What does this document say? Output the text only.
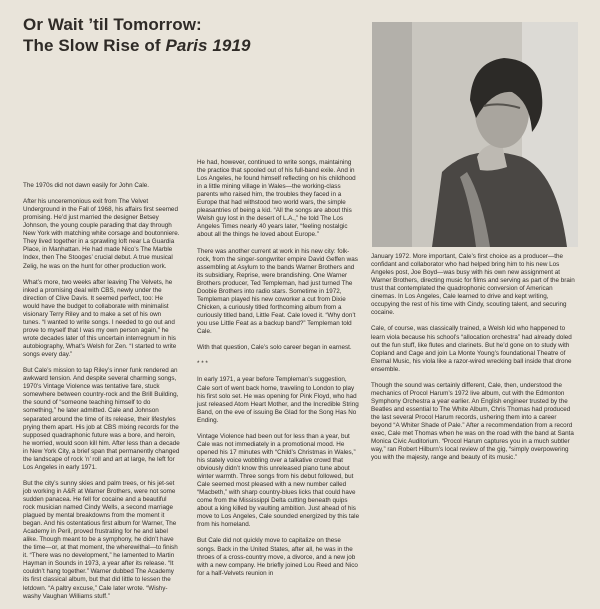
Or Wait ’til Tomorrow:
The Slow Rise of Paris 1919

The 1970s did not dawn easily for John Cale.

After his unceremonious exit from The Velvet Underground in the Fall of 1968, his affairs first seemed promising. He’d just married the designer Betsey Johnson, the young couple parading that day through New York with matching white corsage and boutonniere. They lived together in a sprawling loft near La Guardia Place, in Manhattan. He had made Nico’s The Marble Index, then The Stooges’ crucial debut. A true musical Zelig, he was on the hunt for other production work.

What’s more, two weeks after leaving The Velvets, he inked a promising deal with CBS, newly under the direction of Clive Davis. It seemed perfect, too: He would have the budget to collaborate with minimalist visionary Terry Riley and to make a set of his own tunes. “I wanted to write songs. I needed to go out and prove to myself that I was my own person again,” he wrote decades later of this uncertain interregnum in his autobiography, What’s Welsh for Zen. “I started to write songs every day.”

But Cale’s mission to tap Riley’s inner funk rendered an awkward tension. And despite several charming songs, 1970’s Vintage Violence was tentative fare, stuck somewhere between country-rock and the Brill Building, the sound of “someone teaching himself to do something,” he later admitted. Cale and Johnson separated around the time of its release, their lifestyles prying them apart. His job at CBS mixing records for the supposed quadraphonic future was a bore, and heroin, he worried, would soon kill him. After less than a decade in New York City, a brief span that permanently changed the landscape of rock ’n’ roll and art at large, he left for Los Angeles in early 1971.

But the city’s sunny skies and palm trees, or his jet-set job working in A&R at Warner Brothers, were not some sudden panacea. He fell for cocaine and a beautiful rock musician named Cindy Wells, a second marriage plagued by mental breakdowns from the moment it began. And his ostentatious first album for Warner, The Academy in Peril, proved frustrating for he and label alike. Though meant to be a symphony, he didn’t have the time—or, at that moment, the wherewithal—to finish it. “There was no development,” he lamented to Martin Hayman in Sounds in 1973, a year after its release. “It couldn’t hang together.” Warner dubbed The Academy its first classical album, but that did little to lessen the letdown. “A paltry excuse,” Cale later wrote. “Wishy-washy Vaughan Williams stuff.”

He had, however, continued to write songs, maintaining the practice that spooled out of his full-band exile. And in Los Angeles, he found himself reflecting on his childhood in a little mining village in Wales—the working-class parents who raised him, the troubles they faced in a Europe that had withstood two world wars, the simple pleasantries of being a kid. “All the songs are about this Welsh guy lost in the desert of L.A.,” he told The Los Angeles Times nearly 40 years later, “feeling nostalgic about all the things he loved about Europe.”

There was another current at work in his new city: folk-rock, from the singer-songwriter empire David Geffen was assembling at Asylum to the bands Warner Brothers and its subsidiary, Reprise, were brandishing. One Warner Brothers producer, Ted Templeman, had just turned The Doobie Brothers into radio stars. Sometime in 1972, Templeman played his new coworker a cut from Dixie Chicken, a curiously titled forthcoming album from a curiously titled band, Little Feat. Cale loved it. “Why don’t you use Little Feat as a backup band?” Templeman told Cale.

With that question, Cale’s solo career began in earnest.

* * *

In early 1971, a year before Templeman’s suggestion, Cale sort of went back home, traveling to London to play his first solo set. He was opening for Pink Floyd, who had just released Atom Heart Mother, and the Incredible String Band, on the eve of issuing Be Glad for the Song Has No Ending.

Vintage Violence had been out for less than a year, but Cale was not immediately in a promotional mood. He opened his 17 minutes with “Child’s Christmas in Wales,” his stately voice wobbling over a talkative crowd that obviously didn’t know this unreleased piano tune about winter warmth. Three songs from his debut followed, but Cale seemed most pleased with a new number called “Macbeth,” with sharp country-blues licks that could have come from the Mississippi Delta cutting beneath quips about a king killed by vaulting ambition. Just ahead of his move to Los Angeles, Cale sounded energized by this tale from his homeland.

But Cale did not quickly move to capitalize on these songs. Back in the United States, after all, he was in the throes of a cross-country move, a divorce, and a new job with a new company. He briefly joined Lou Reed and Nico for a half-Velvets reunion in

January 1972. More important, Cale’s first choice as a producer—the confidant and collaborator who had helped bring him to his new Los Angeles post, Joe Boyd—was busy with his own new assignment at Warner Brothers, directing music for films and serving as part of the brain trust that contemplated the quadrophonic conversion of American cinemas. In Los Angeles, Cale learned to drive and kept writing, occupying the rest of his time with Cindy, scouting talent, and securing cocaine.

Cale, of course, was classically trained, a Welsh kid who happened to learn viola because his school’s “allocation orchestra” had already doled out the fun stuff, like flutes and clarinets. But he’d gone on to study with Copland and Cage and join La Monte Young’s foundational Theatre of Eternal Music, his viola like a razor-wired wrecking ball inside that drone ensemble.

Though the sound was certainly different, Cale, then, understood the mechanics of Procol Harum’s 1972 live album, cut with the Edmonton Symphony Orchestra a year earlier. An English engineer trusted by the Beatles and essential to The White Album, Chris Thomas had produced the last several Procol Harum records, ushering them into a career beyond “A Whiter Shade of Pale.” After a recommendation from a record exec, Cale met Thomas when he was on the road with the band at Santa Monica Civic Auditorium. “Procol Harum captures you in a much subtler way,” ran Robert Hilburn’s local review of the gig, “simply overpowering you with the majesty, range and beauty of its music.”
